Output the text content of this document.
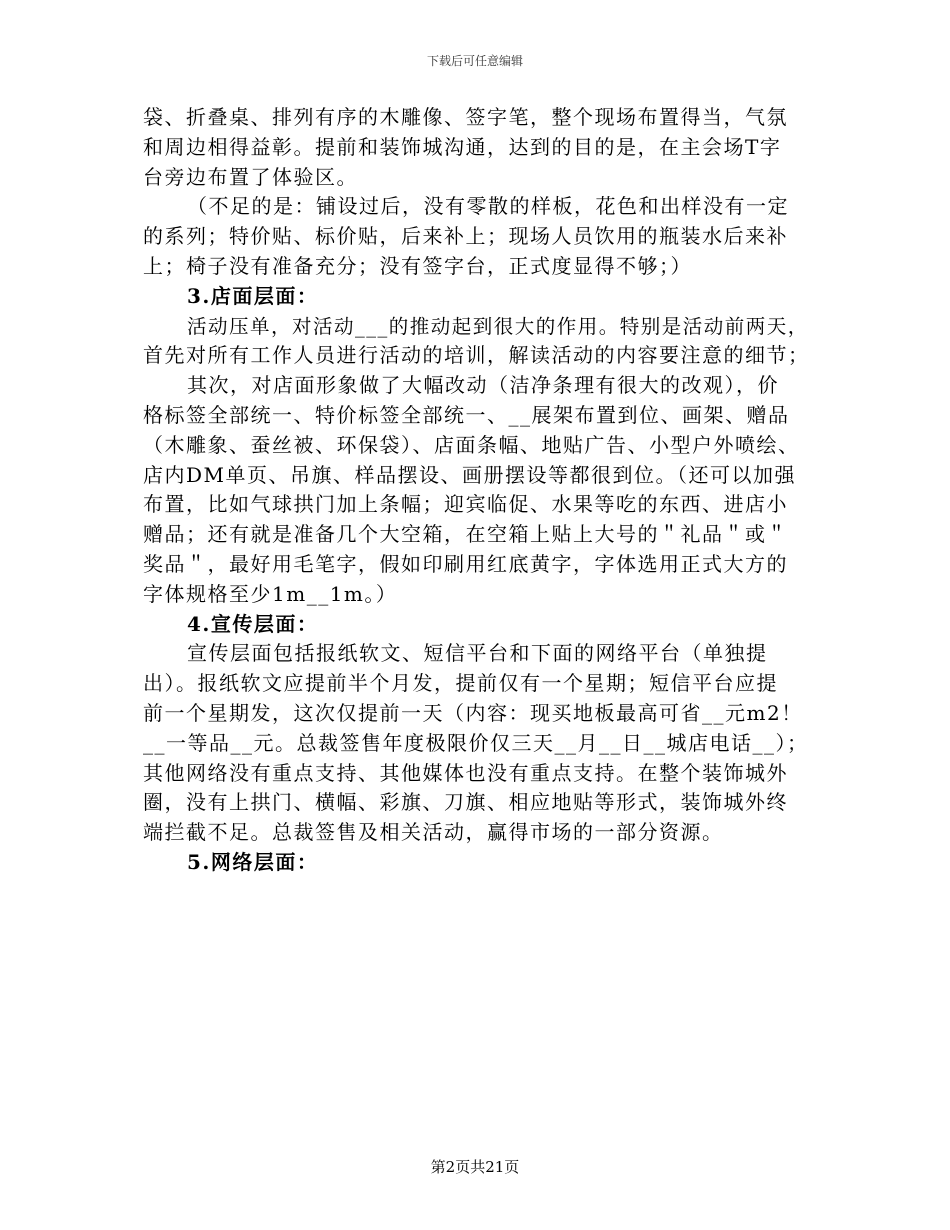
下载后可任意编辑
袋、折叠桌、排列有序的木雕像、签字笔，整个现场布置得当，气氛
和周边相得益彰。提前和装饰城沟通，达到的目的是，在主会场T字
台旁边布置了体验区。
（不足的是：铺设过后，没有零散的样板，花色和出样没有一定
的系列；特价贴、标价贴，后来补上；现场人员饮用的瓶装水后来补
上；椅子没有准备充分；没有签字台，正式度显得不够；）
3.店面层面：
活动压单，对活动___的推动起到很大的作用。特别是活动前两天，
首先对所有工作人员进行活动的培训，解读活动的内容要注意的细节；
其次，对店面形象做了大幅改动（洁净条理有很大的改观），价
格标签全部统一、特价标签全部统一、__展架布置到位、画架、赠品
（木雕象、蚕丝被、环保袋）、店面条幅、地贴广告、小型户外喷绘、
店内DM单页、吊旗、样品摆设、画册摆设等都很到位。（还可以加强
布置，比如气球拱门加上条幅；迎宾临促、水果等吃的东西、进店小
赠品；还有就是准备几个大空箱，在空箱上贴上大号的＂礼品＂或＂
奖品＂，最好用毛笔字，假如印刷用红底黄字，字体选用正式大方的
字体规格至少1m__1m。）
4.宣传层面：
宣传层面包括报纸软文、短信平台和下面的网络平台（单独提
出）。报纸软文应提前半个月发，提前仅有一个星期；短信平台应提
前一个星期发，这次仅提前一天（内容：现买地板最高可省__元m2！
__一等品__元。总裁签售年度极限价仅三天__月__日__城店电话__）；
其他网络没有重点支持、其他媒体也没有重点支持。在整个装饰城外
圈，没有上拱门、横幅、彩旗、刀旗、相应地贴等形式，装饰城外终
端拦截不足。总裁签售及相关活动，赢得市场的一部分资源。
5.网络层面：
第2页共21页
